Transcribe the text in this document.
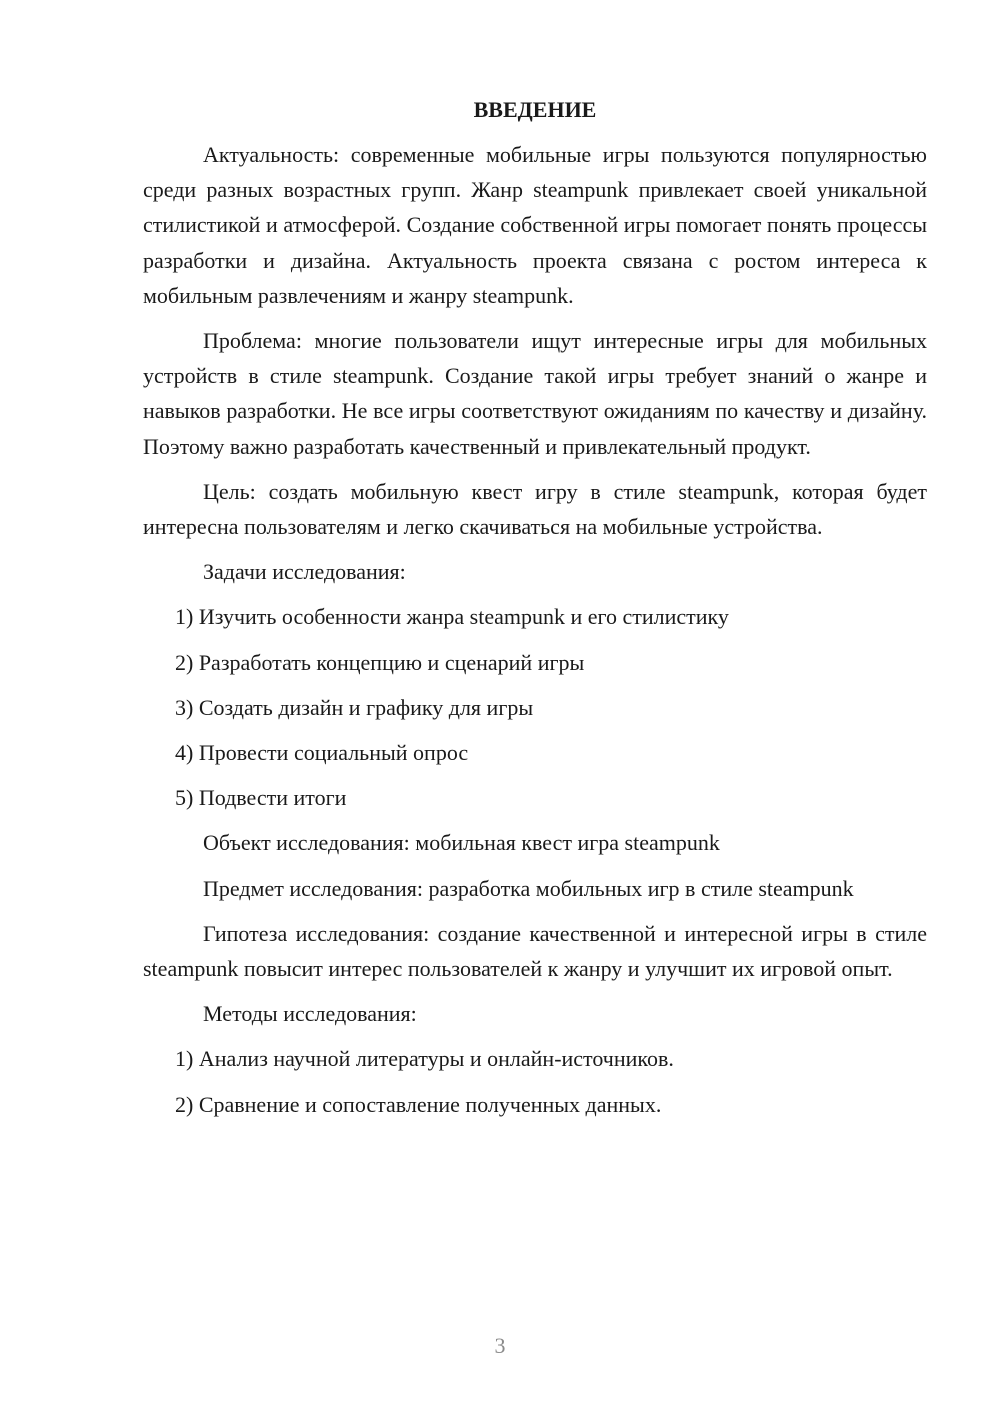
ВВЕДЕНИЕ

Актуальность: современные мобильные игры пользуются популярностью среди разных возрастных групп. Жанр steampunk привлекает своей уникальной стилистикой и атмосферой. Создание собственной игры помогает понять процессы разработки и дизайна. Актуальность проекта связана с ростом интереса к мобильным развлечениям и жанру steampunk.

Проблема: многие пользователи ищут интересные игры для мобильных устройств в стиле steampunk. Создание такой игры требует знаний о жанре и навыков разработки. Не все игры соответствуют ожиданиям по качеству и дизайну. Поэтому важно разработать качественный и привлекательный продукт.

Цель: создать мобильную квест игру в стиле steampunk, которая будет интересна пользователям и легко скачиваться на мобильные устройства.

Задачи исследования:
1) Изучить особенности жанра steampunk и его стилистику
2) Разработать концепцию и сценарий игры
3) Создать дизайн и графику для игры
4) Провести социальный опрос
5) Подвести итоги
Объект исследования: мобильная квест игра steampunk

Предмет исследования: разработка мобильных игр в стиле steampunk

Гипотеза исследования: создание качественной и интересной игры в стиле steampunk повысит интерес пользователей к жанру и улучшит их игровой опыт.

Методы исследования:
1) Анализ научной литературы и онлайн-источников.
2) Сравнение и сопоставление полученных данных.
3
